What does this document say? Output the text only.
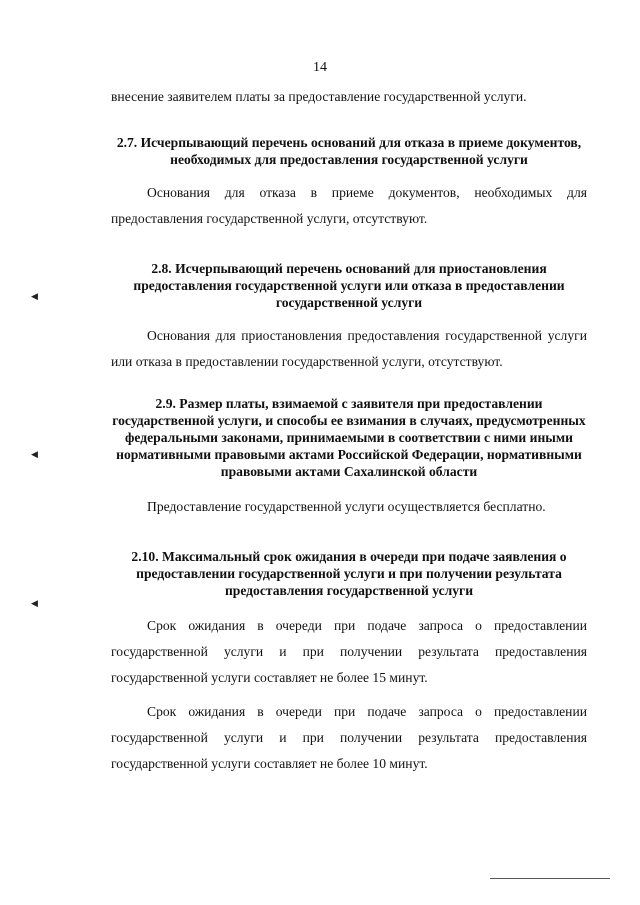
14

внесение заявителем платы за предоставление государственной услуги.

2.7. Исчерпывающий перечень оснований для отказа в приеме документов, необходимых для предоставления государственной услуги

Основания для отказа в приеме документов, необходимых для предоставления государственной услуги, отсутствуют.

2.8. Исчерпывающий перечень оснований для приостановления предоставления государственной услуги или отказа в предоставлении государственной услуги

Основания для приостановления предоставления государственной услуги или отказа в предоставлении государственной услуги, отсутствуют.

2.9. Размер платы, взимаемой с заявителя при предоставлении государственной услуги, и способы ее взимания в случаях, предусмотренных федеральными законами, принимаемыми в соответствии с ними иными нормативными правовыми актами Российской Федерации, нормативными правовыми актами Сахалинской области

Предоставление государственной услуги осуществляется бесплатно.

2.10. Максимальный срок ожидания в очереди при подаче заявления о предоставлении государственной услуги и при получении результата предоставления государственной услуги

Срок ожидания в очереди при подаче запроса о предоставлении государственной услуги и при получении результата предоставления государственной услуги составляет не более 15 минут.

Срок ожидания в очереди при подаче запроса о предоставлении государственной услуги и при получении результата предоставления государственной услуги составляет не более 10 минут.

◀
◀
◀
